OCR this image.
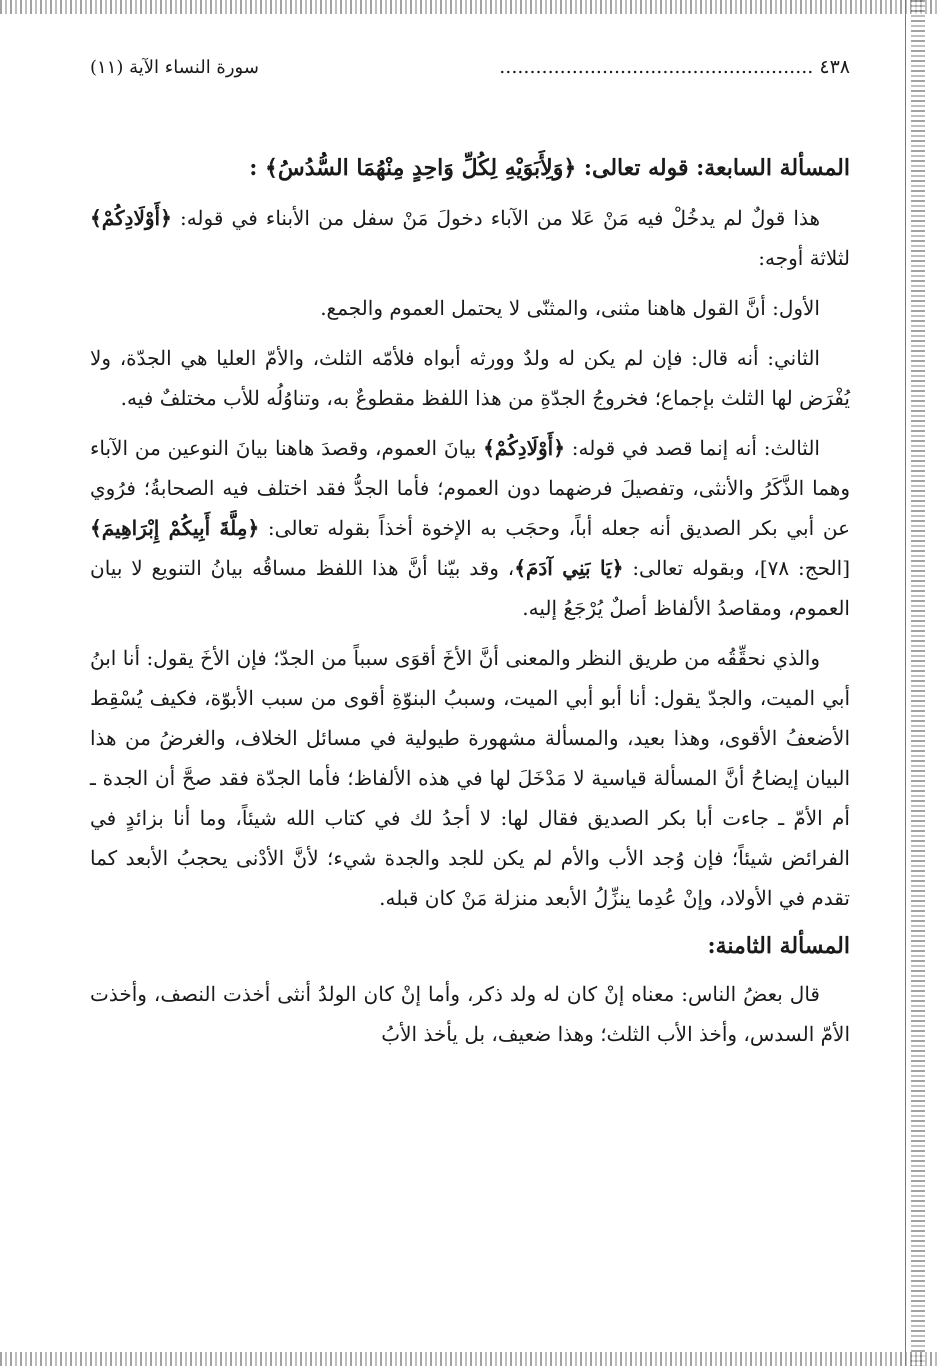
٤٣٨ ....................................................
سورة النساء الآية (١١)
المسألة السابعة: قوله تعالى: ﴿وَلِأَبَوَيْهِ لِكُلِّ وَاحِدٍ مِنْهُمَا السُّدُسُ﴾ :

هذا قولٌ لم يدخُلْ فيه مَنْ عَلا من الآباء دخولَ مَنْ سفل من الأبناء في قوله: ﴿أَوْلَادِكُمْ﴾ لثلاثة أوجه:

الأول: أنَّ القول هاهنا مثنى، والمثنّى لا يحتمل العموم والجمع.

الثاني: أنه قال: فإن لم يكن له ولدٌ وورثه أبواه فلأمّه الثلث، والأمّ العليا هي الجدّة، ولا يُفْرَض لها الثلث بإجماع؛ فخروجُ الجدّةِ من هذا اللفظ مقطوعٌ به، وتناوُلُه للأب مختلفٌ فيه.

الثالث: أنه إنما قصد في قوله: ﴿أَوْلَادِكُمْ﴾ بيانَ العموم، وقصدَ هاهنا بيانَ النوعين من الآباء وهما الذَّكَرُ والأنثى، وتفصيلَ فرضهما دون العموم؛ فأما الجدُّ فقد اختلف فيه الصحابةُ؛ فرُوي عن أبي بكر الصديق أنه جعله أباً، وحجَب به الإخوة أخذاً بقوله تعالى: ﴿مِلَّةَ أَبِيكُمْ إِبْرَاهِيمَ﴾ [الحج: ٧٨]، وبقوله تعالى: ﴿يَا بَنِي آدَمَ﴾، وقد بيّنا أنَّ هذا اللفظ مساقُه بيانُ التنويع لا بيان العموم، ومقاصدُ الألفاظ أصلٌ يُرْجَعُ إليه.

والذي نحقِّقُه من طريق النظر والمعنى أنَّ الأخَ أقوَى سبباً من الجدّ؛ فإن الأخَ يقول: أنا ابنُ أبي الميت، والجدّ يقول: أنا أبو أبي الميت، وسببُ البنوّةِ أقوى من سبب الأبوّة، فكيف يُسْقِط الأضعفُ الأقوى، وهذا بعيد، والمسألة مشهورة طيولية في مسائل الخلاف، والغرضُ من هذا البيان إيضاحُ أنَّ المسألة قياسية لا مَدْخَلَ لها في هذه الألفاظ؛ فأما الجدّة فقد صحَّ أن الجدة ـ أم الأمّ ـ جاءت أبا بكر الصديق فقال لها: لا أجدُ لك في كتاب الله شيئاً، وما أنا بزائدٍ في الفرائض شيئاً؛ فإن وُجد الأب والأم لم يكن للجد والجدة شيء؛ لأنَّ الأدْنى يحجبُ الأبعد كما تقدم في الأولاد، وإنْ عُدِما ينزِّلُ الأبعد منزلة مَنْ كان قبله.

المسألة الثامنة:

قال بعضُ الناس: معناه إنْ كان له ولد ذكر، وأما إنْ كان الولدُ أنثى أخذت النصف، وأخذت الأمّ السدس، وأخذ الأب الثلث؛ وهذا ضعيف، بل يأخذ الأبُ
